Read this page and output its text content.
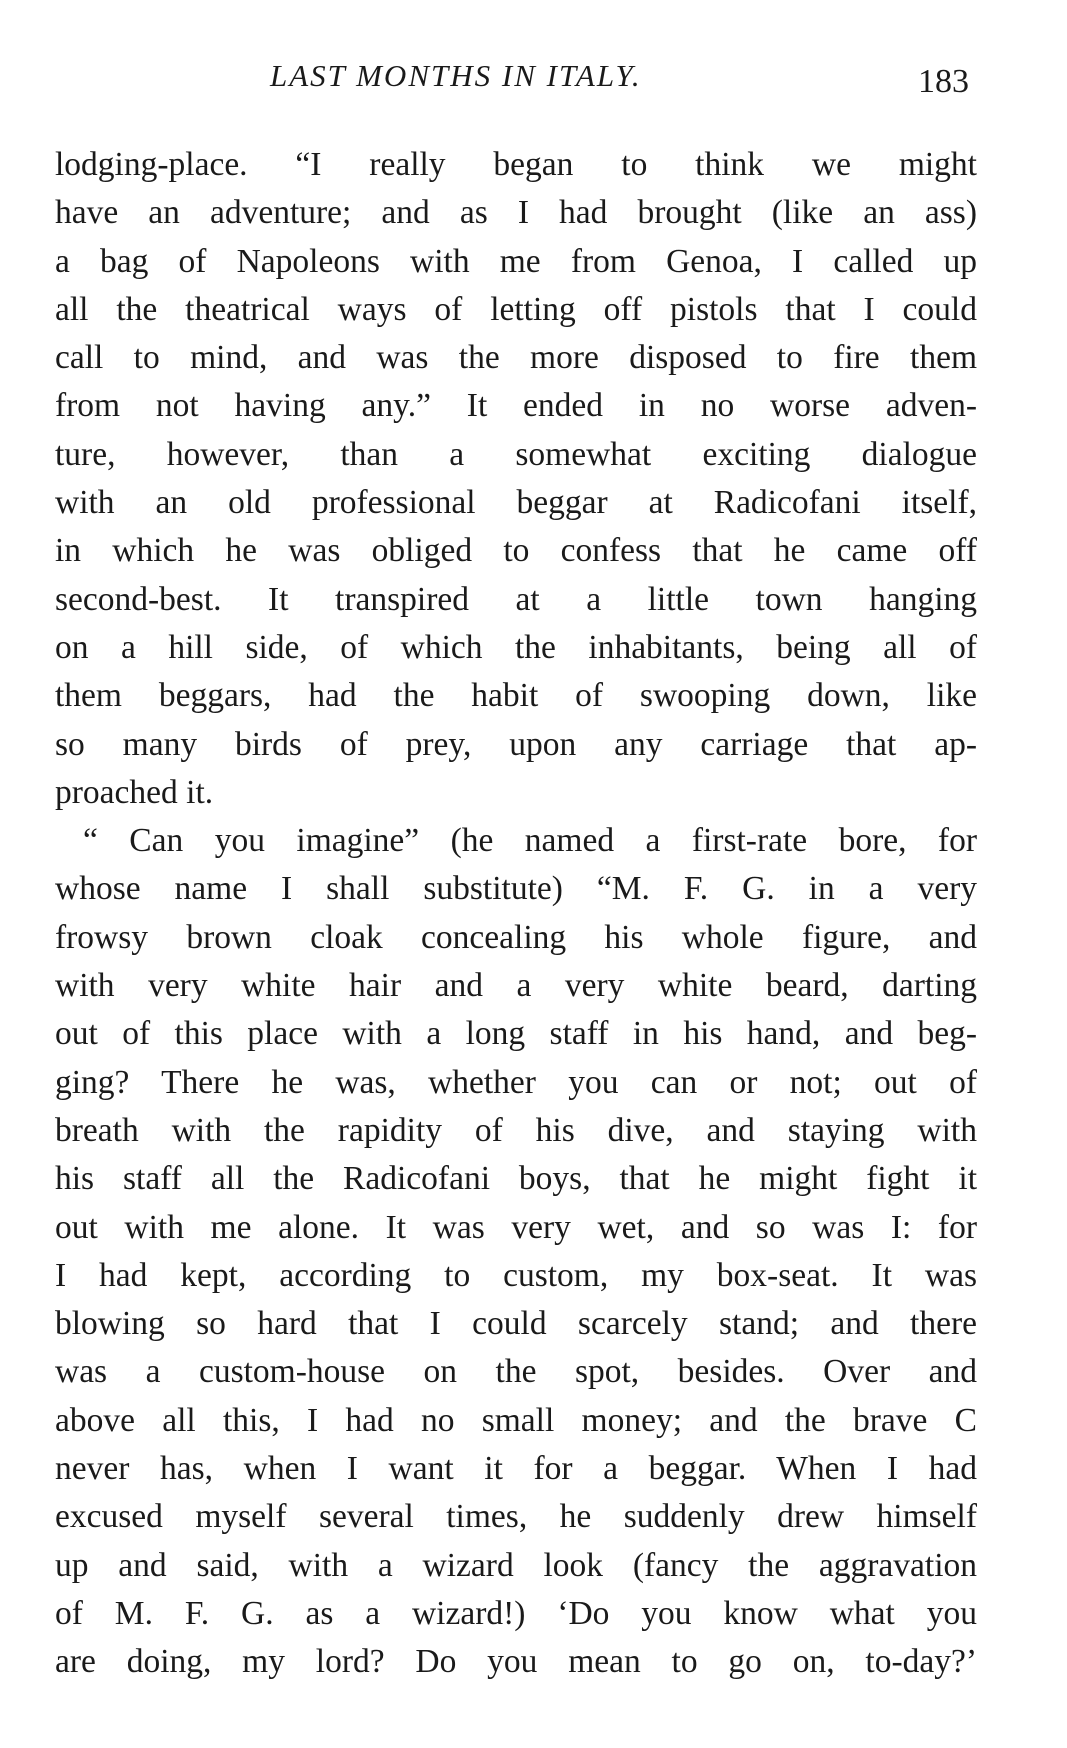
LAST MONTHS IN ITALY.	183
lodging-place. “I really began to think we might
have an adventure; and as I had brought (like an ass)
a bag of Napoleons with me from Genoa, I called up
all the theatrical ways of letting off pistols that I could
call to mind, and was the more disposed to fire them
from not having any.” It ended in no worse adven-
ture, however, than a somewhat exciting dialogue
with an old professional beggar at Radicofani itself,
in which he was obliged to confess that he came off
second-best. It transpired at a little town hanging
on a hill side, of which the inhabitants, being all of
them beggars, had the habit of swooping down, like
so many birds of prey, upon any carriage that ap-
proached it.
“ Can you imagine” (he named a first-rate bore, for
whose name I shall substitute) “M. F. G. in a very
frowsy brown cloak concealing his whole figure, and
with very white hair and a very white beard, darting
out of this place with a long staff in his hand, and beg-
ging? There he was, whether you can or not; out of
breath with the rapidity of his dive, and staying with
his staff all the Radicofani boys, that he might fight it
out with me alone. It was very wet, and so was I: for
I had kept, according to custom, my box-seat. It was
blowing so hard that I could scarcely stand; and there
was a custom-house on the spot, besides. Over and
above all this, I had no small money; and the brave C
never has, when I want it for a beggar. When I had
excused myself several times, he suddenly drew himself
up and said, with a wizard look (fancy the aggravation
of M. F. G. as a wizard!) ‘Do you know what you
are doing, my lord? Do you mean to go on, to-day?’
